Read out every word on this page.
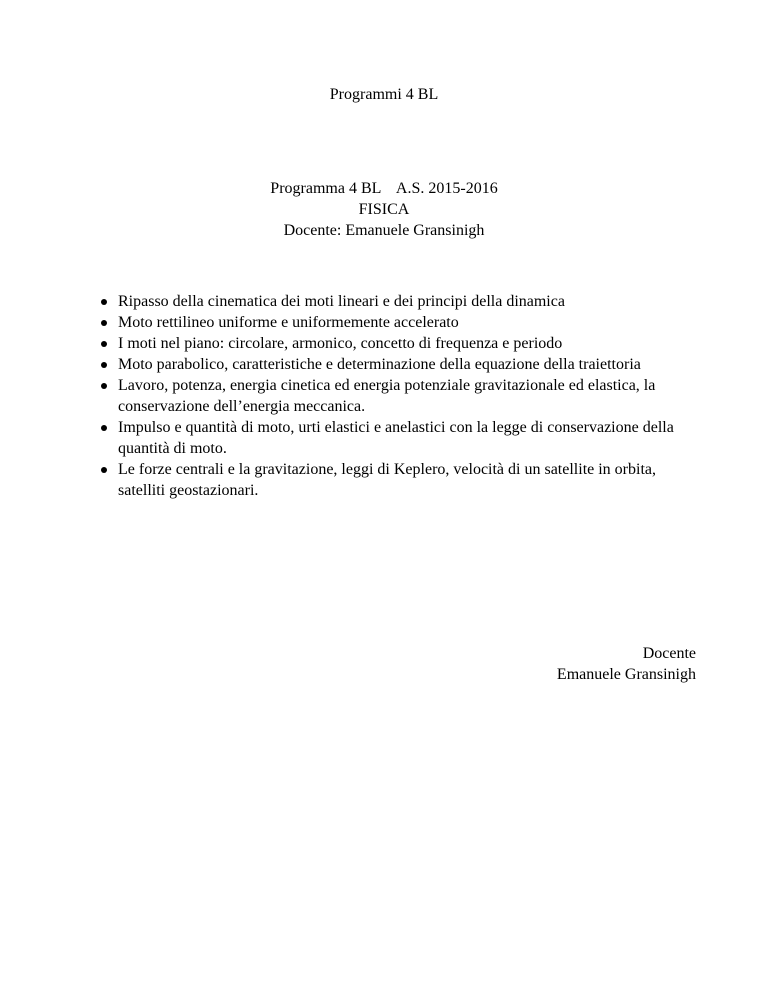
Programmi 4 BL
Programma 4 BL    A.S. 2015-2016
FISICA
Docente: Emanuele Gransinigh
Ripasso della cinematica dei moti lineari e dei principi della dinamica
Moto rettilineo uniforme e uniformemente accelerato
I moti nel piano: circolare, armonico, concetto di frequenza e periodo
Moto parabolico, caratteristiche e determinazione della equazione della traiettoria
Lavoro, potenza, energia cinetica ed energia potenziale gravitazionale ed elastica, la conservazione dell’energia meccanica.
Impulso e quantità di moto, urti elastici e anelastici con la legge di conservazione della quantità di moto.
Le forze centrali e la gravitazione, leggi di Keplero, velocità di un satellite in orbita, satelliti geostazionari.
Docente
Emanuele Gransinigh
